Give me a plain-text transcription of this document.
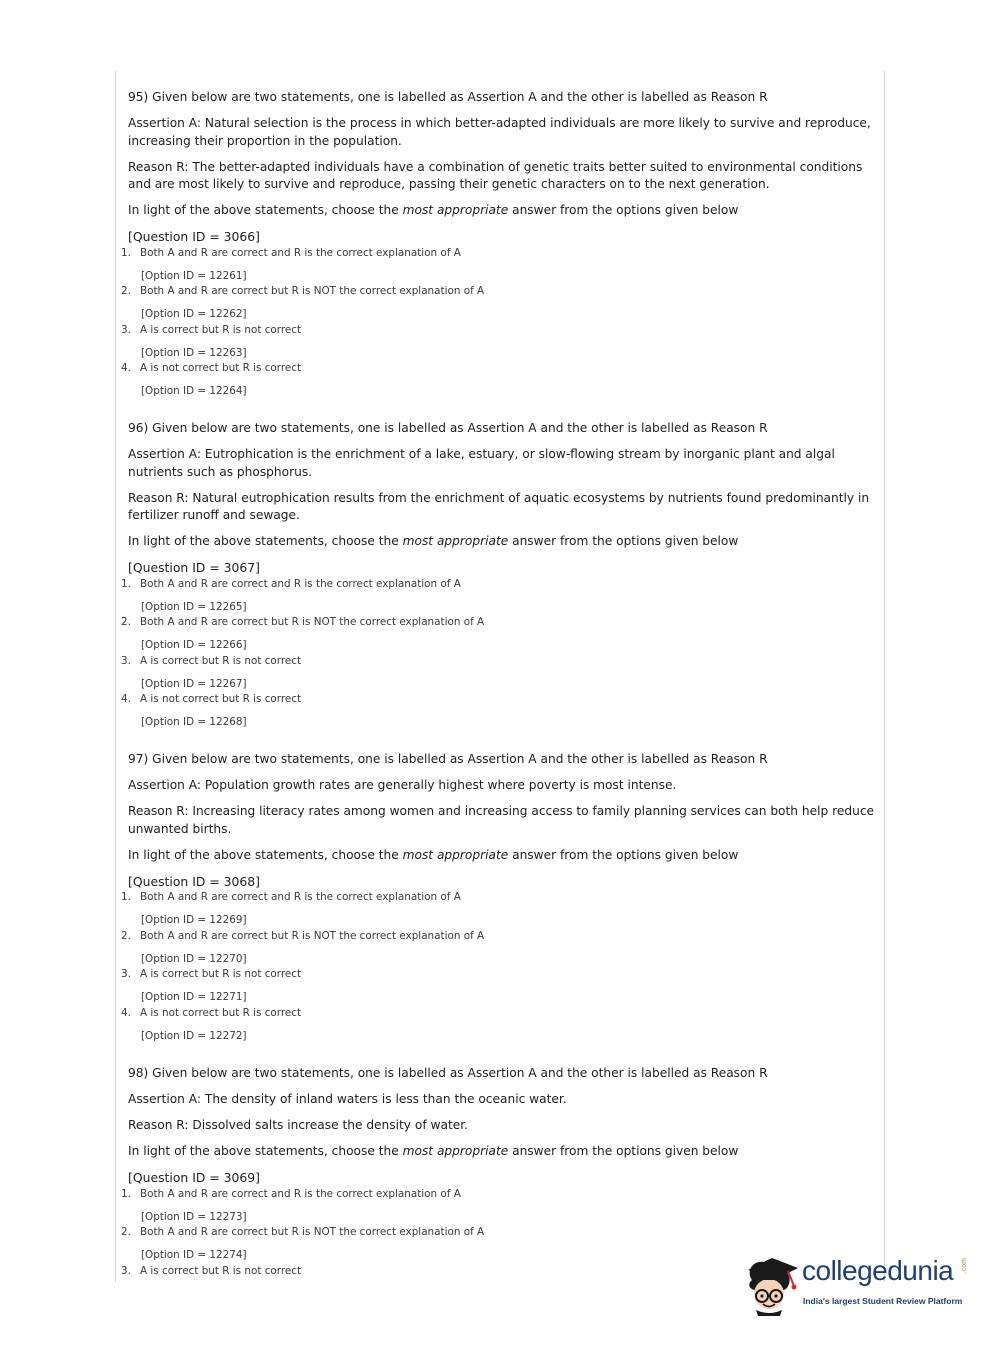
95) Given below are two statements, one is labelled as Assertion A and the other is labelled as Reason R

Assertion A: Natural selection is the process in which better-adapted individuals are more likely to survive and reproduce, increasing their proportion in the population.

Reason R: The better-adapted individuals have a combination of genetic traits better suited to environmental conditions and are most likely to survive and reproduce, passing their genetic characters on to the next generation.

In light of the above statements, choose the most appropriate answer from the options given below

[Question ID = 3066]

1. Both A and R are correct and R is the correct explanation of A
[Option ID = 12261]
2. Both A and R are correct but R is NOT the correct explanation of A
[Option ID = 12262]
3. A is correct but R is not correct
[Option ID = 12263]
4. A is not correct but R is correct
[Option ID = 12264]

96) Given below are two statements, one is labelled as Assertion A and the other is labelled as Reason R

Assertion A: Eutrophication is the enrichment of a lake, estuary, or slow-flowing stream by inorganic plant and algal nutrients such as phosphorus.

Reason R: Natural eutrophication results from the enrichment of aquatic ecosystems by nutrients found predominantly in fertilizer runoff and sewage.

In light of the above statements, choose the most appropriate answer from the options given below

[Question ID = 3067]

1. Both A and R are correct and R is the correct explanation of A
[Option ID = 12265]
2. Both A and R are correct but R is NOT the correct explanation of A
[Option ID = 12266]
3. A is correct but R is not correct
[Option ID = 12267]
4. A is not correct but R is correct
[Option ID = 12268]

97) Given below are two statements, one is labelled as Assertion A and the other is labelled as Reason R

Assertion A: Population growth rates are generally highest where poverty is most intense.

Reason R: Increasing literacy rates among women and increasing access to family planning services can both help reduce unwanted births.

In light of the above statements, choose the most appropriate answer from the options given below

[Question ID = 3068]

1. Both A and R are correct and R is the correct explanation of A
[Option ID = 12269]
2. Both A and R are correct but R is NOT the correct explanation of A
[Option ID = 12270]
3. A is correct but R is not correct
[Option ID = 12271]
4. A is not correct but R is correct
[Option ID = 12272]

98) Given below are two statements, one is labelled as Assertion A and the other is labelled as Reason R

Assertion A: The density of inland waters is less than the oceanic water.

Reason R: Dissolved salts increase the density of water.

In light of the above statements, choose the most appropriate answer from the options given below

[Question ID = 3069]

1. Both A and R are correct and R is the correct explanation of A
[Option ID = 12273]
2. Both A and R are correct but R is NOT the correct explanation of A
[Option ID = 12274]
3. A is correct but R is not correct	collegedunia .com
India's largest Student Review Platform
